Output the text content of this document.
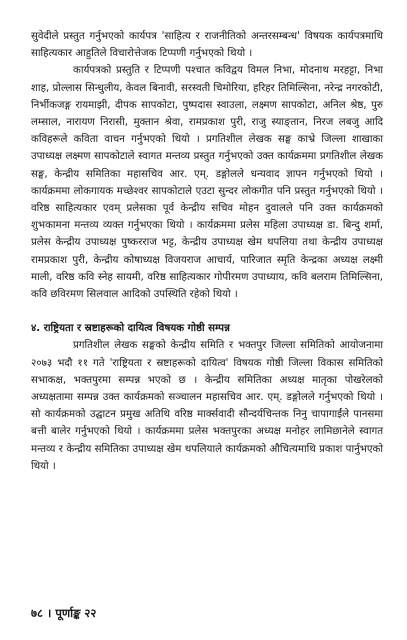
सुवेदीले प्रस्तुत गर्नुभएको कार्यपत्र 'साहित्य र राजनीतिको अन्तरसम्बन्ध' विषयक कार्यपत्रमाथि साहित्यकार आहुतिले विचारोत्तेजक टिप्पणी गर्नुभएको थियो ।

कार्यपत्रको प्रस्तुति र टिप्पणी पश्चात कविद्वय विमल निभा, मोदनाथ मरहट्टा, निभा शाह, प्रोल्लास सिन्धुलीय, केवल बिनावी, सरस्वती चिमोरिया, हरिहर तिमिल्सिना, नरेन्द्र नगरकोटी, निर्भीकजङ्ग रायमाझी, दीपक सापकोटा, पुष्पदास स्वाउला, लक्ष्मण सापकोटा, अनिल श्रेष्ठ, पुरु लम्साल, नारायण निरासी, मुक्तान श्रेवा, रामप्रकाश पुरी, राजु स्याङ्तान, निरज लबजु आदि कविहरूले कविता वाचन गर्नुभएको थियो । प्रगतिशील लेखक सङ्घ काभ्रे जिल्ला शाखाका उपाध्यक्ष लक्ष्मण सापकोटाले स्वागत मन्तव्य प्रस्तुत गर्नुभएको उक्त कार्यक्रममा प्रगतिशील लेखक सङ्घ, केन्द्रीय समितिका महासचिव आर. एम्. डङ्गोलले धन्यवाद ज्ञापन गर्नुभएको थियो । कार्यक्रममा लोकगायक मच्छेश्वर सापकोटाले एउटा सुन्दर लोकगीत पनि प्रस्तुत गर्नुभएको थियो । वरिष्ठ साहित्यकार एवम् प्रलेसका पूर्व केन्द्रीय सचिव मोहन दुवालले पनि उक्त कार्यक्रमको शुभकामना मन्तव्य व्यक्त गर्नुभएका थियो । कार्यक्रममा प्रलेस महिला उपाध्यक्ष डा. बिन्दु शर्मा, प्रलेस केन्द्रीय उपाध्यक्ष पुष्करराज भट्ट, केन्द्रीय उपाध्यक्ष खेम थपलिया तथा केन्द्रीय उपाध्यक्ष रामप्रकाश पुरी, केन्द्रीय कोषाध्यक्ष विजयराज आचार्य, पारिजात स्मृति केन्द्रका अध्यक्ष लक्ष्मी माली, वरिष्ठ कवि स्नेह सायमी, वरिष्ठ साहित्यकार गोपीरमण उपाध्याय, कवि बलराम तिमिल्सिना, कवि छविरमण सिलवाल आदिको उपस्थिति रहेको थियो ।

४. राष्ट्रियता र स्रष्टाहरूको दायित्व विषयक गोष्ठी सम्पन्न

प्रगतिशील लेखक सङ्घको केन्द्रीय समिति र भक्तपुर जिल्ला समितिको आयोजनामा २०७३ भदौ ११ गते 'राष्ट्रियता र स्रष्टाहरूको दायित्व' विषयक गोष्ठी जिल्ला विकास समितिको सभाकक्ष, भक्तपुरमा सम्पन्न भएको छ । केन्द्रीय समितिका अध्यक्ष मातृका पोखरेलको अध्यक्षतामा सम्पन्न उक्त कार्यक्रमको सञ्चालन महासचिव आर. एम्. डङ्गोलले गर्नुभएको थियो । सो कार्यक्रमको उद्घाटन प्रमुख अतिथि वरिष्ठ मार्क्सवादी सौन्दर्यचिन्तक निनु चापागाईंले पानसमा बत्ती बालेर गर्नुभएको थियो । कार्यक्रममा प्रलेस भक्तपुरका अध्यक्ष मनोहर लामिछानेले स्वागत मन्तव्य र केन्द्रीय समितिका उपाध्यक्ष खेम थपलियाले कार्यक्रमको औचित्यमाथि प्रकाश पार्नुभएको थियो ।

७८ । पूर्णाङ्क २२
